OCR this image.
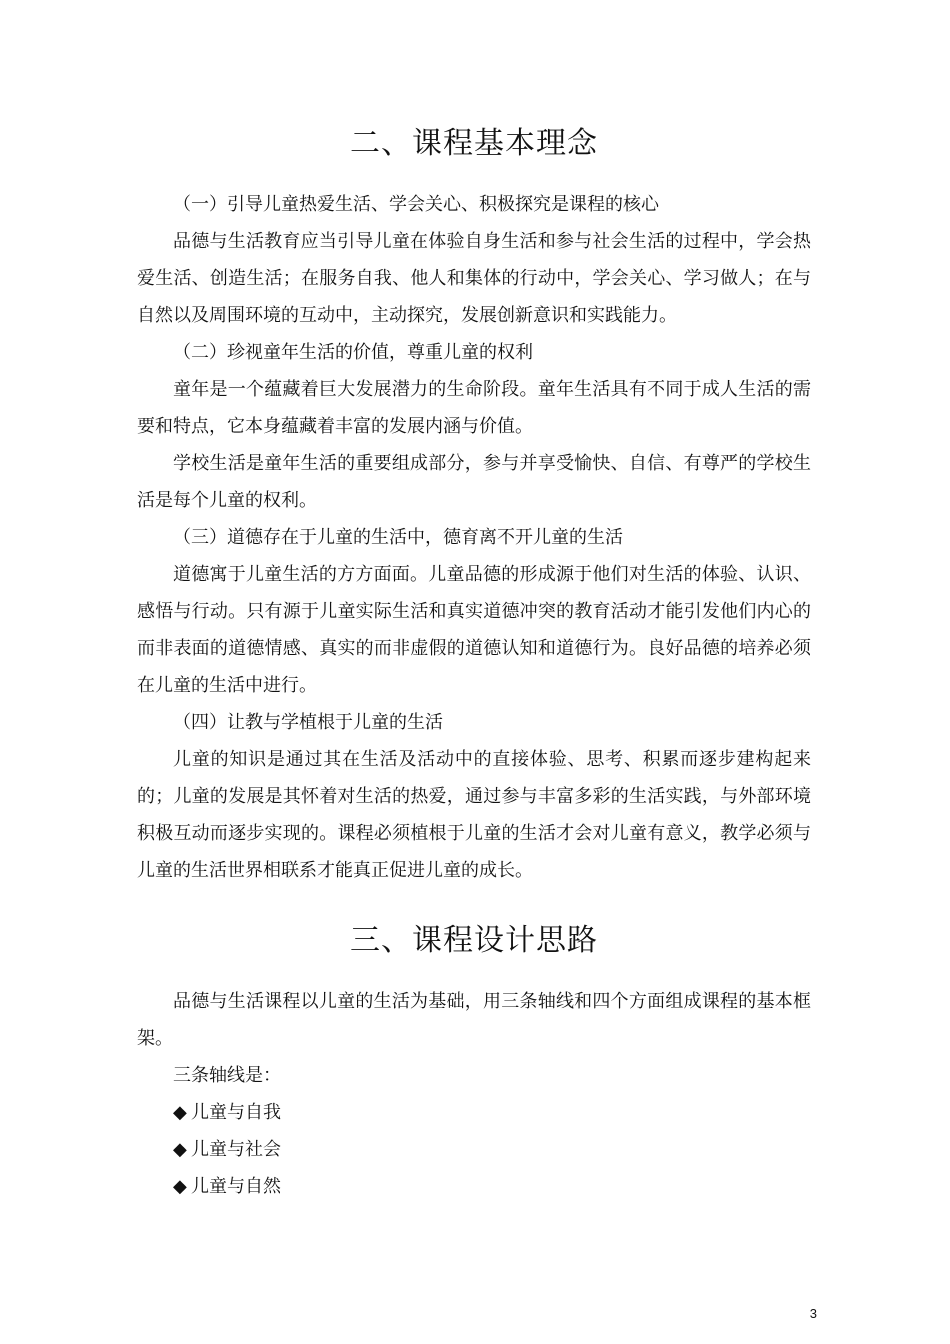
二、课程基本理念

（一）引导儿童热爱生活、学会关心、积极探究是课程的核心

品德与生活教育应当引导儿童在体验自身生活和参与社会生活的过程中，学会热爱生活、创造生活；在服务自我、他人和集体的行动中，学会关心、学习做人；在与自然以及周围环境的互动中，主动探究，发展创新意识和实践能力。

（二）珍视童年生活的价值，尊重儿童的权利

童年是一个蕴藏着巨大发展潜力的生命阶段。童年生活具有不同于成人生活的需要和特点，它本身蕴藏着丰富的发展内涵与价值。

学校生活是童年生活的重要组成部分，参与并享受愉快、自信、有尊严的学校生活是每个儿童的权利。

（三）道德存在于儿童的生活中，德育离不开儿童的生活

道德寓于儿童生活的方方面面。儿童品德的形成源于他们对生活的体验、认识、感悟与行动。只有源于儿童实际生活和真实道德冲突的教育活动才能引发他们内心的而非表面的道德情感、真实的而非虚假的道德认知和道德行为。良好品德的培养必须在儿童的生活中进行。

（四）让教与学植根于儿童的生活

儿童的知识是通过其在生活及活动中的直接体验、思考、积累而逐步建构起来的；儿童的发展是其怀着对生活的热爱，通过参与丰富多彩的生活实践，与外部环境积极互动而逐步实现的。课程必须植根于儿童的生活才会对儿童有意义，教学必须与儿童的生活世界相联系才能真正促进儿童的成长。

三、课程设计思路

品德与生活课程以儿童的生活为基础，用三条轴线和四个方面组成课程的基本框架。

三条轴线是：

◆ 儿童与自我

◆ 儿童与社会

◆ 儿童与自然

3
